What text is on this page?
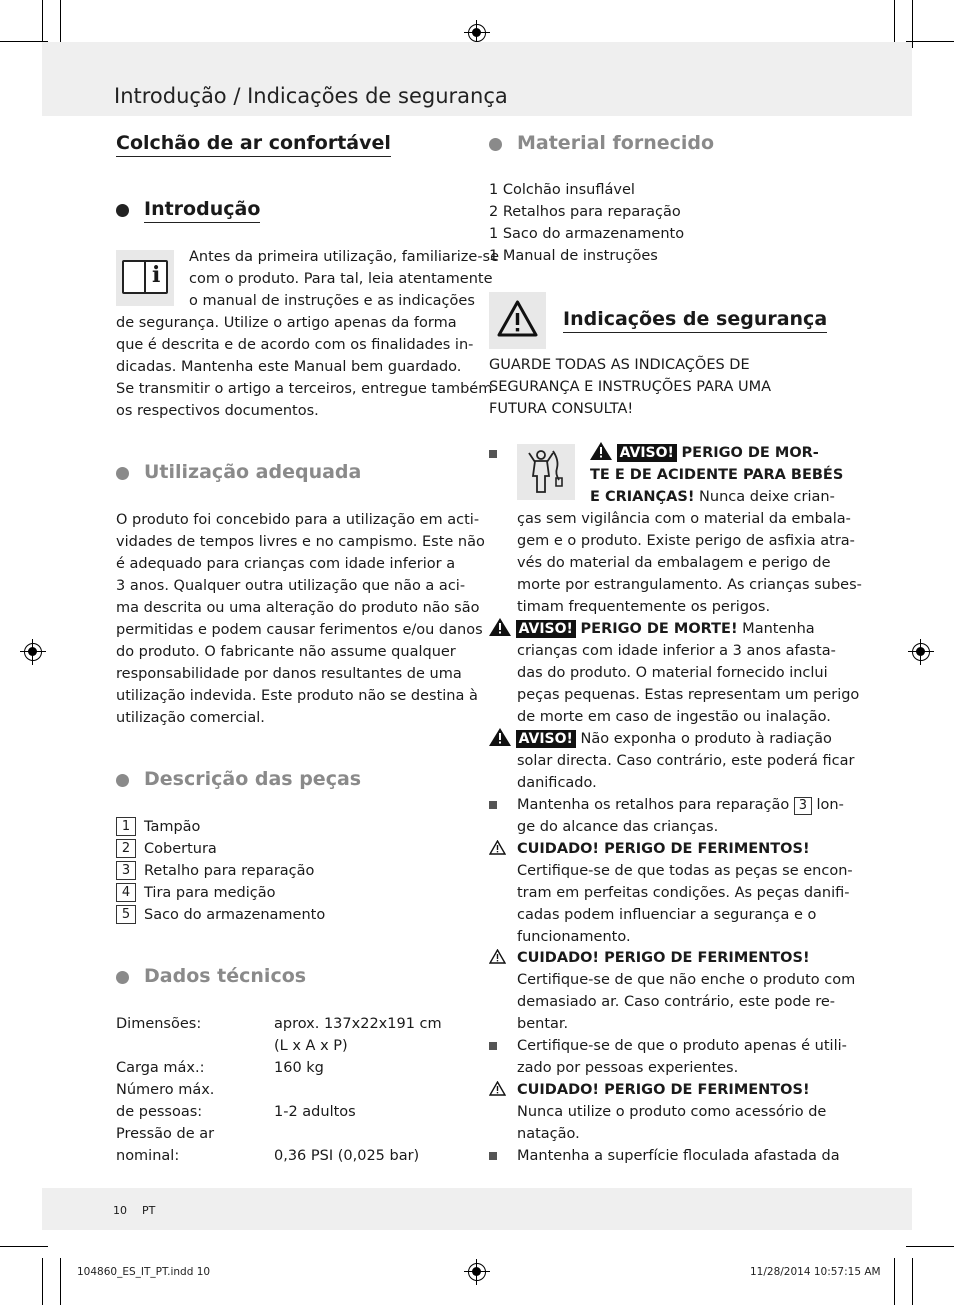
Introdução / Indicações de segurança
Colchão de ar confortável
Introdução
i
Antes da primeira utilização, familiarize-se
com o produto. Para tal, leia atentamente
o manual de instruções e as indicações
de segurança. Utilize o artigo apenas da forma
que é descrita e de acordo com os finalidades in-
dicadas. Mantenha este Manual bem guardado.
Se transmitir o artigo a terceiros, entregue também
os respectivos documentos.
Utilização adequada
O produto foi concebido para a utilização em acti-
vidades de tempos livres e no campismo. Este não
é adequado para crianças com idade inferior a
3 anos. Qualquer outra utilização que não a aci-
ma descrita ou uma alteração do produto não são
permitidas e podem causar ferimentos e/ou danos
do produto. O fabricante não assume qualquer
responsabilidade por danos resultantes de uma
utilização indevida. Este produto não se destina à
utilização comercial.
Descrição das peças
1 Tampão
2 Cobertura
3 Retalho para reparação
4 Tira para medição
5 Saco do armazenamento
Dados técnicos
Dimensões:	aprox. 137x22x191 cm
(L x A x P)
Carga máx.:	160 kg
Número máx.
de pessoas:	1-2 adultos
Pressão de ar
nominal:	0,36 PSI (0,025 bar)
Material fornecido
1 Colchão insuflável
2 Retalhos para reparação
1 Saco do armazenamento
1 Manual de instruções
Indicações de segurança
GUARDE TODAS AS INDICAÇÕES DE
SEGURANÇA E INSTRUÇÕES PARA UMA
FUTURA CONSULTA!
AVISO! PERIGO DE MOR-
TE E DE ACIDENTE PARA BEBÉS
E CRIANÇAS! Nunca deixe crian-
ças sem vigilância com o material da embala-
gem e o produto. Existe perigo de asfixia atra-
vés do material da embalagem e perigo de
morte por estrangulamento. As crianças subes-
timam frequentemente os perigos.
AVISO! PERIGO DE MORTE! Mantenha
crianças com idade inferior a 3 anos afasta-
das do produto. O material fornecido inclui
peças pequenas. Estas representam um perigo
de morte em caso de ingestão ou inalação.
AVISO! Não exponha o produto à radiação
solar directa. Caso contrário, este poderá ficar
danificado.
Mantenha os retalhos para reparação 3 lon-
ge do alcance das crianças.
CUIDADO! PERIGO DE FERIMENTOS!
Certifique-se de que todas as peças se encon-
tram em perfeitas condições. As peças danifi-
cadas podem influenciar a segurança e o
funcionamento.
CUIDADO! PERIGO DE FERIMENTOS!
Certifique-se de que não enche o produto com
demasiado ar. Caso contrário, este pode re-
bentar.
Certifique-se de que o produto apenas é utili-
zado por pessoas experientes.
CUIDADO! PERIGO DE FERIMENTOS!
Nunca utilize o produto como acessório de
natação.
Mantenha a superfície floculada afastada da
10 PT
104860_ES_IT_PT.indd 10	11/28/2014 10:57:15 AM
